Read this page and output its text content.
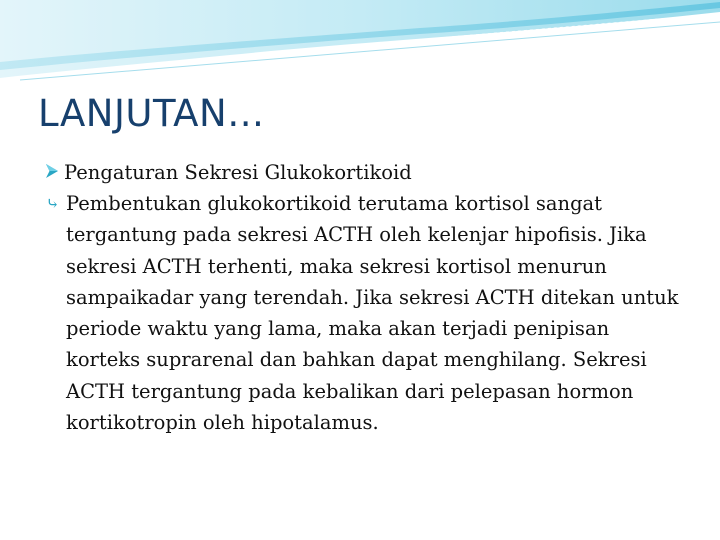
LANJUTAN…

Pengaturan Sekresi Glukokortikoid

⤷ Pembentukan glukokortikoid terutama kortisol sangat tergantung pada sekresi ACTH oleh kelenjar hipofisis. Jika sekresi ACTH terhenti, maka sekresi kortisol menurun sampaikadar yang terendah. Jika sekresi ACTH ditekan untuk periode waktu yang lama, maka akan terjadi penipisan korteks suprarenal dan bahkan dapat menghilang. Sekresi ACTH tergantung pada kebalikan dari pelepasan hormon kortikotropin oleh hipotalamus.
